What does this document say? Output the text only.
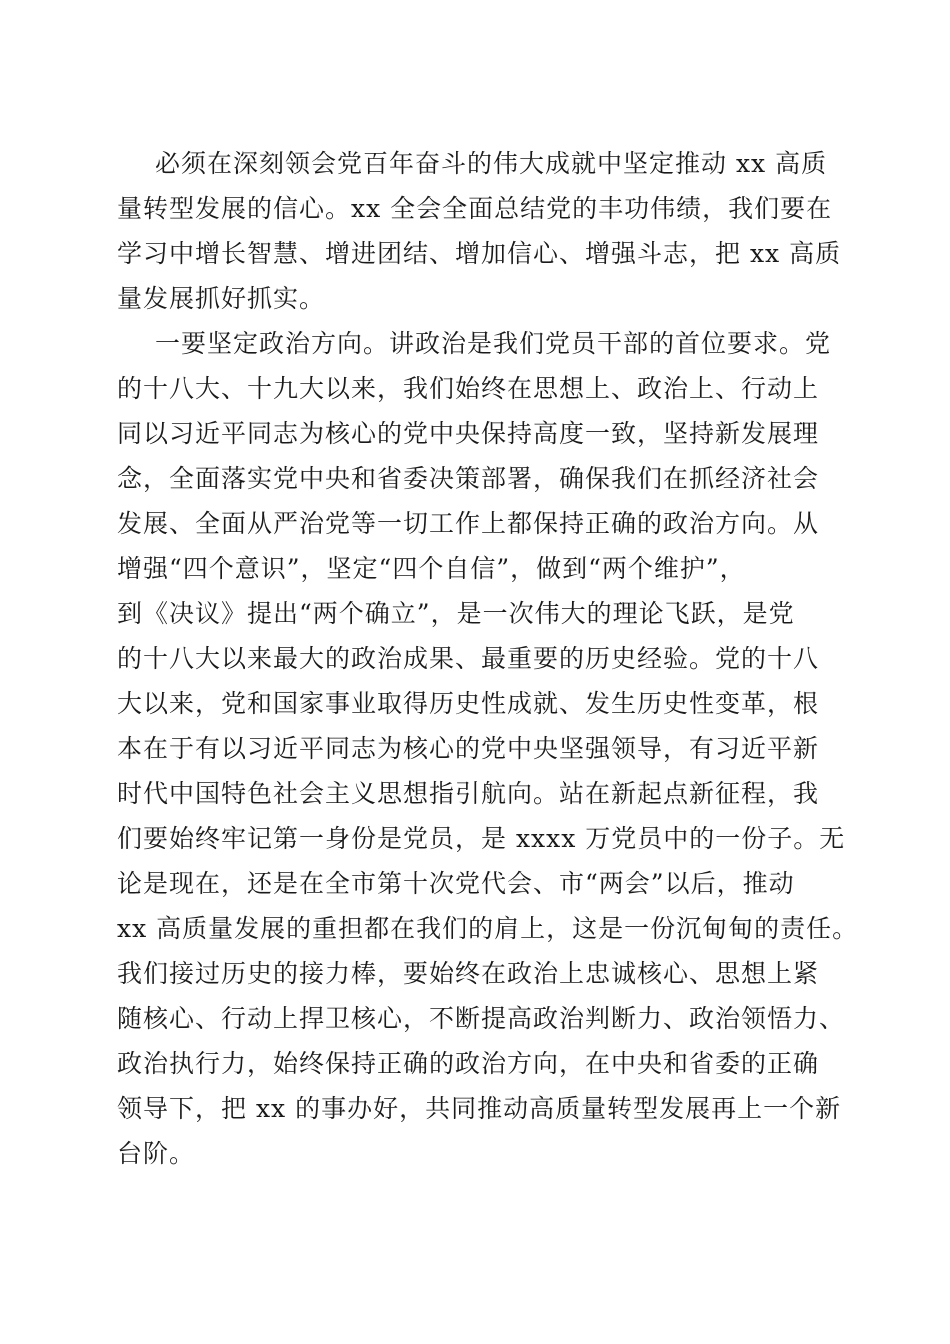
必须在深刻领会党百年奋斗的伟大成就中坚定推动 xx 高质
量转型发展的信心。xx 全会全面总结党的丰功伟绩，我们要在
学习中增长智慧、增进团结、增加信心、增强斗志，把 xx 高质
量发展抓好抓实。
一要坚定政治方向。讲政治是我们党员干部的首位要求。党
的十八大、十九大以来，我们始终在思想上、政治上、行动上
同以习近平同志为核心的党中央保持高度一致，坚持新发展理
念，全面落实党中央和省委决策部署，确保我们在抓经济社会
发展、全面从严治党等一切工作上都保持正确的政治方向。从
增强“四个意识”，坚定“四个自信”，做到“两个维护”，
到《决议》提出“两个确立”，是一次伟大的理论飞跃，是党
的十八大以来最大的政治成果、最重要的历史经验。党的十八
大以来，党和国家事业取得历史性成就、发生历史性变革，根
本在于有以习近平同志为核心的党中央坚强领导，有习近平新
时代中国特色社会主义思想指引航向。站在新起点新征程，我
们要始终牢记第一身份是党员，是 xxxx 万党员中的一份子。无
论是现在，还是在全市第十次党代会、市“两会”以后，推动
xx 高质量发展的重担都在我们的肩上，这是一份沉甸甸的责任。
我们接过历史的接力棒，要始终在政治上忠诚核心、思想上紧
随核心、行动上捍卫核心，不断提高政治判断力、政治领悟力、
政治执行力，始终保持正确的政治方向，在中央和省委的正确
领导下，把 xx 的事办好，共同推动高质量转型发展再上一个新
台阶。
